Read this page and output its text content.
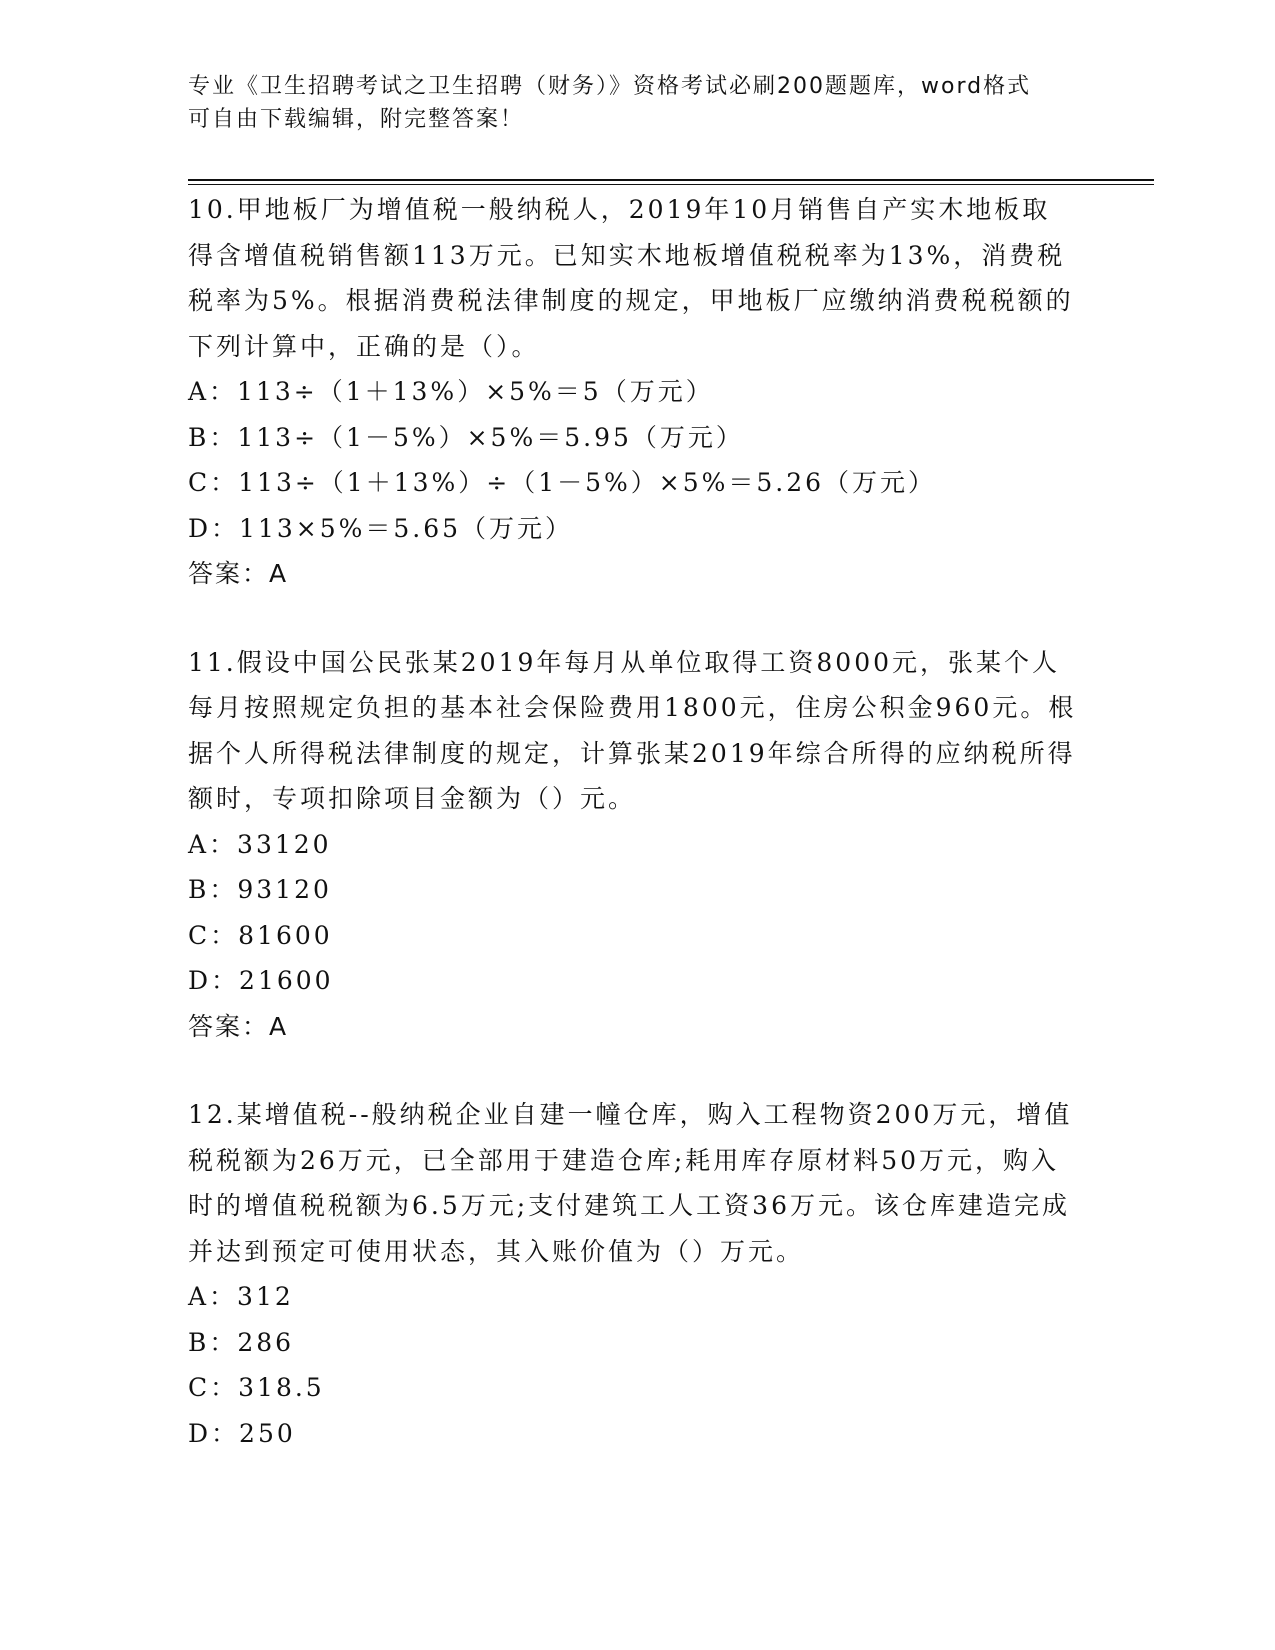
专业《卫生招聘考试之卫生招聘（财务）》资格考试必刷200题题库，word格式
可自由下载编辑，附完整答案！
10.甲地板厂为增值税一般纳税人，2019年10月销售自产实木地板取得含增值税销售额113万元。已知实木地板增值税税率为13%，消费税税率为5%。根据消费税法律制度的规定，甲地板厂应缴纳消费税税额的下列计算中，正确的是（）。
A：113÷（1＋13%）×5%＝5（万元）
B：113÷（1－5%）×5%＝5.95（万元）
C：113÷（1＋13%）÷（1－5%）×5%＝5.26（万元）
D：113×5%＝5.65（万元）
答案：A
11.假设中国公民张某2019年每月从单位取得工资8000元，张某个人每月按照规定负担的基本社会保险费用1800元，住房公积金960元。根据个人所得税法律制度的规定，计算张某2019年综合所得的应纳税所得额时，专项扣除项目金额为（）元。
A：33120
B：93120
C：81600
D：21600
答案：A
12.某增值税--般纳税企业自建一幢仓库，购入工程物资200万元，增值税税额为26万元，已全部用于建造仓库;耗用库存原材料50万元，购入时的增值税税额为6.5万元;支付建筑工人工资36万元。该仓库建造完成并达到预定可使用状态，其入账价值为（）万元。
A：312
B：286
C：318.5
D：250
